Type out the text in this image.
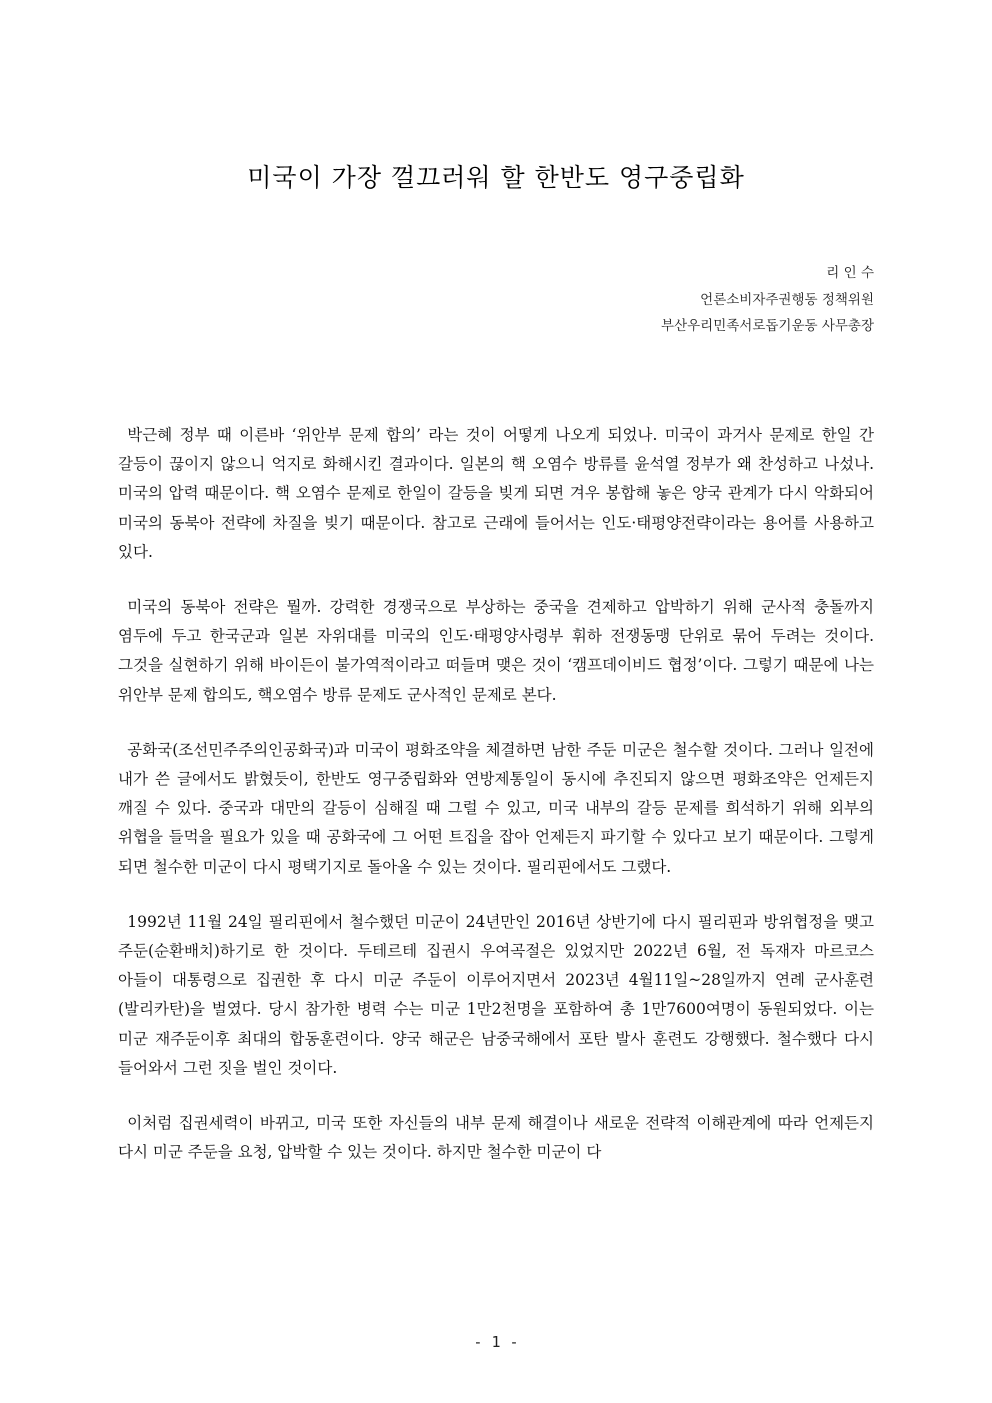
미국이 가장 껄끄러워 할 한반도 영구중립화
리 인 수
언론소비자주권행동 정책위원
부산우리민족서로돕기운동 사무총장

박근혜 정부 때 이른바 ‘위안부 문제 합의’ 라는 것이 어떻게 나오게 되었나. 미국이 과거사 문제로 한일 간 갈등이 끊이지 않으니 억지로 화해시킨 결과이다. 일본의 핵 오염수 방류를 윤석열 정부가 왜 찬성하고 나섰나. 미국의 압력 때문이다. 핵 오염수 문제로 한일이 갈등을 빚게 되면 겨우 봉합해 놓은 양국 관계가 다시 악화되어 미국의 동북아 전략에 차질을 빚기 때문이다. 참고로 근래에 들어서는 인도·태평양전략이라는 용어를 사용하고 있다.

미국의 동북아 전략은 뭘까. 강력한 경쟁국으로 부상하는 중국을 견제하고 압박하기 위해 군사적 충돌까지 염두에 두고 한국군과 일본 자위대를 미국의 인도·태평양사령부 휘하 전쟁동맹 단위로 묶어 두려는 것이다. 그것을 실현하기 위해 바이든이 불가역적이라고 떠들며 맺은 것이 ‘캠프데이비드 협정’이다. 그렇기 때문에 나는 위안부 문제 합의도, 핵오염수 방류 문제도 군사적인 문제로 본다.

공화국(조선민주주의인공화국)과 미국이 평화조약을 체결하면 남한 주둔 미군은 철수할 것이다. 그러나 일전에 내가 쓴 글에서도 밝혔듯이, 한반도 영구중립화와 연방제통일이 동시에 추진되지 않으면 평화조약은 언제든지 깨질 수 있다. 중국과 대만의 갈등이 심해질 때 그럴 수 있고, 미국 내부의 갈등 문제를 희석하기 위해 외부의 위협을 들먹을 필요가 있을 때 공화국에 그 어떤 트집을 잡아 언제든지 파기할 수 있다고 보기 때문이다. 그렇게 되면 철수한 미군이 다시 평택기지로 돌아올 수 있는 것이다. 필리핀에서도 그랬다.

1992년 11월 24일 필리핀에서 철수했던 미군이 24년만인 2016년 상반기에 다시 필리핀과 방위협정을 맺고 주둔(순환배치)하기로 한 것이다. 두테르테 집권시 우여곡절은 있었지만 2022년 6월, 전 독재자 마르코스 아들이 대통령으로 집권한 후 다시 미군 주둔이 이루어지면서 2023년 4월11일~28일까지 연례 군사훈련(발리카탄)을 벌였다. 당시 참가한 병력 수는 미군 1만2천명을 포함하여 총 1만7600여명이 동원되었다. 이는 미군 재주둔이후 최대의 합동훈련이다. 양국 해군은 남중국해에서 포탄 발사 훈련도 강행했다. 철수했다 다시 들어와서 그런 짓을 벌인 것이다.

이처럼 집권세력이 바뀌고, 미국 또한 자신들의 내부 문제 해결이나 새로운 전략적 이해관계에 따라 언제든지 다시 미군 주둔을 요청, 압박할 수 있는 것이다. 하지만 철수한 미군이 다

- 1 -
